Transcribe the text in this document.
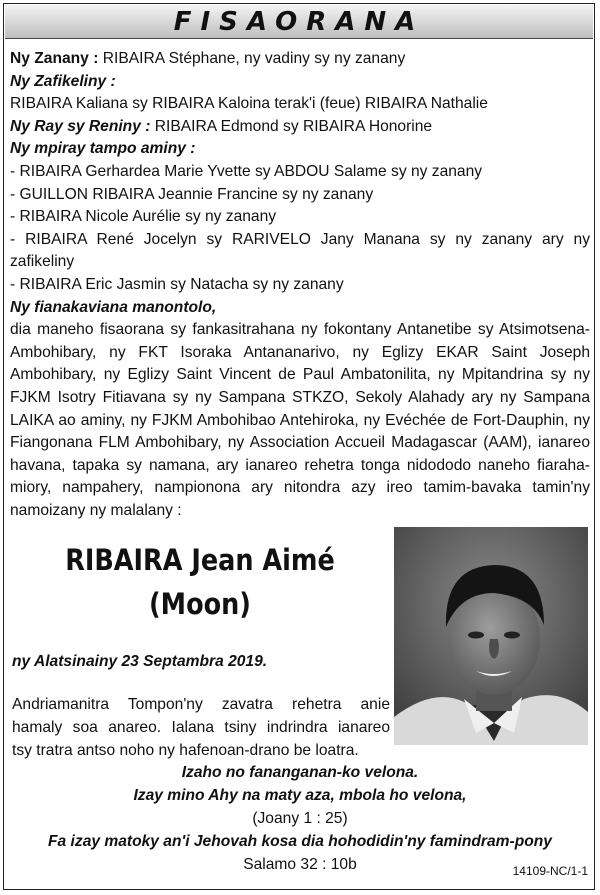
FISAORANA

Ny Zanany : RIBAIRA Stéphane, ny vadiny sy ny zanany

Ny Zafikeliny :

RIBAIRA Kaliana sy RIBAIRA Kaloina terak'i (feue) RIBAIRA Nathalie

Ny Ray sy Reniny : RIBAIRA Edmond sy RIBAIRA Honorine

Ny mpiray tampo aminy :

- RIBAIRA Gerhardea Marie Yvette sy ABDOU Salame sy ny zanany

- GUILLON RIBAIRA Jeannie Francine sy ny zanany

- RIBAIRA Nicole Aurélie sy ny zanany

- RIBAIRA René Jocelyn sy RARIVELO Jany Manana sy ny zanany ary ny zafikeliny

- RIBAIRA Eric Jasmin sy Natacha sy ny zanany

Ny fianakaviana manontolo,

dia maneho fisaorana sy fankasitrahana ny fokontany Antanetibe sy Atsimotsena- Ambohibary, ny FKT Isoraka Antananarivo, ny Eglizy EKAR Saint Joseph Ambohibary, ny Eglizy Saint Vincent de Paul Ambatonilita, ny Mpitandrina sy ny FJKM Isotry Fitiavana sy ny Sampana STKZO, Sekoly Alahady ary ny Sampana LAIKA ao aminy, ny FJKM Ambohibao Antehiroka, ny Evéchée de Fort-Dauphin, ny Fiangonana FLM Ambohibary, ny Association Accueil Madagascar (AAM), ianareo havana, tapaka sy namana, ary ianareo rehetra tonga nidododo naneho fiaraha-miory, nampahery, nampionona ary nitondra azy ireo tamim-bavaka tamin'ny namoizany ny malalany :

RIBAIRA Jean Aimé
(Moon)
ny Alatsinainy 23 Septambra 2019.
Andriamanitra Tompon'ny zavatra rehetra anie
hamaly soa anareo. Ialana tsiny indrindra ianareo
tsy tratra antso noho ny hafenoan-drano be loatra.
Izaho no fananganan-ko velona.
Izay mino Ahy na maty aza, mbola ho velona,
(Joany 1 : 25)
Fa izay matoky an'i Jehovah kosa dia hohodidin'ny famindram-pony
Salamo 32 : 10b	14109-NC/1-1
